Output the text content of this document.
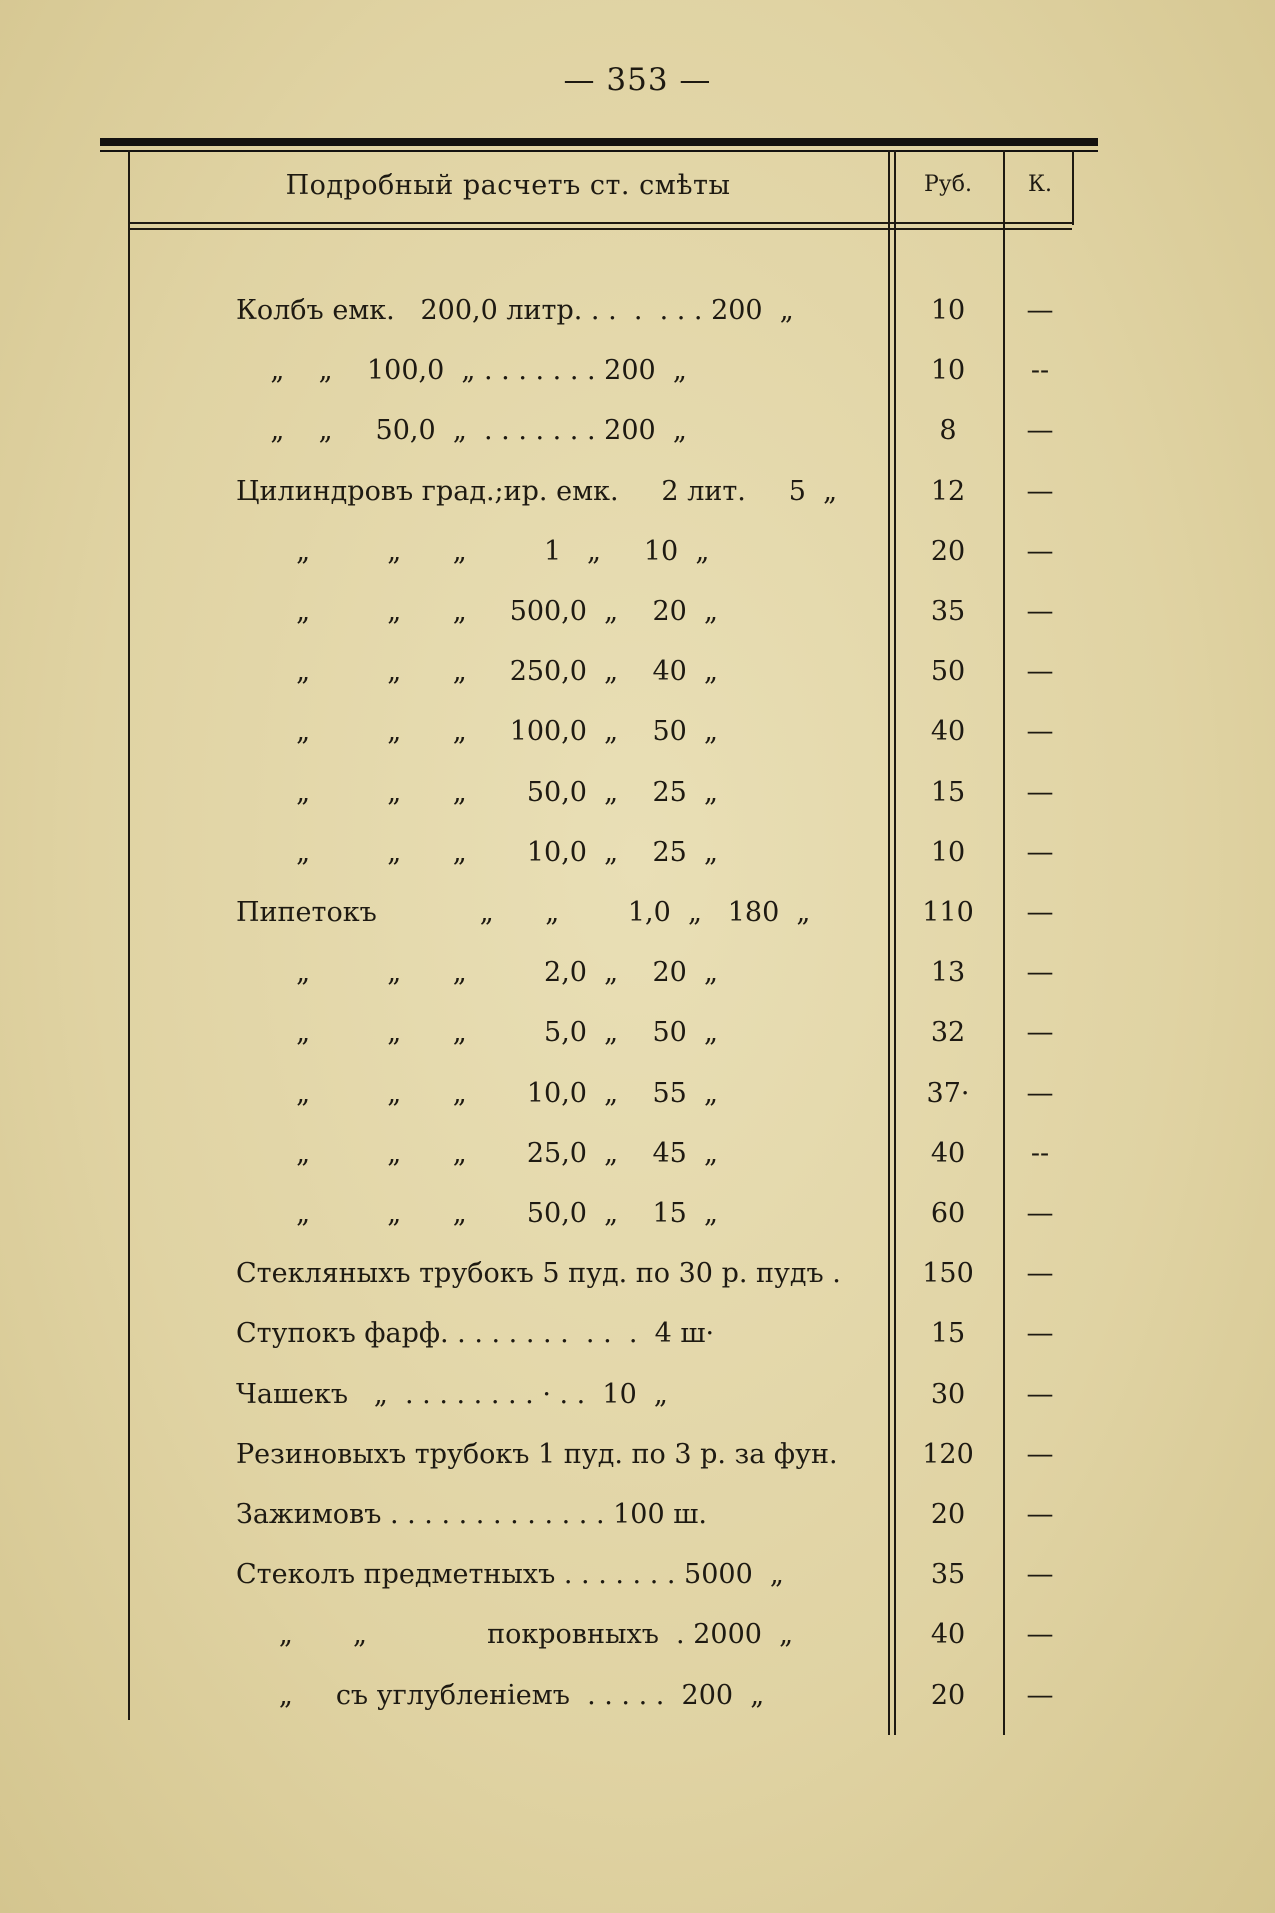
— 353 —
Подробный расчетъ ст. смѣты	Руб.	К.
Колбъ емк.   200,0 литр. . .  .  . . . 200  „	10	—
„    „    100,0  „ . . . . . . . 200  „	10	--
„    „     50,0  „  . . . . . . . 200  „	8	—
Цилиндровъ град.;ир. емк.     2 лит.     5  „	12	—
„         „      „         1   „     10  „	20	—
„         „      „     500,0  „    20  „	35	—
„         „      „     250,0  „    40  „	50	—
„         „      „     100,0  „    50  „	40	—
„         „      „       50,0  „    25  „	15	—
„         „      „       10,0  „    25  „	10	—
Пипетокъ            „      „        1,0  „   180  „	110	—
„         „      „         2,0  „    20  „	13	—
„         „      „         5,0  „    50  „	32	—
„         „      „       10,0  „    55  „	37·	—
„         „      „       25,0  „    45  „	40	--
„         „      „       50,0  „    15  „	60	—
Стекляныхъ трубокъ 5 пуд. по 30 р. пудъ .	150	—
Ступокъ фарф. . . . . . . .  . .  .  4 ш·	15	—
Чашекъ   „  . . . . . . . . · . .  10  „	30	—
Резиновыхъ трубокъ 1 пуд. по 3 р. за фун.	120	—
Зажимовъ . . . . . . . . . . . . . 100 ш.	20	—
Стеколъ предметныхъ . . . . . . . 5000  „	35	—
„       „              покровныхъ  . 2000  „	40	—
„     съ углубленіемъ  . . . . .  200  „	20	—
